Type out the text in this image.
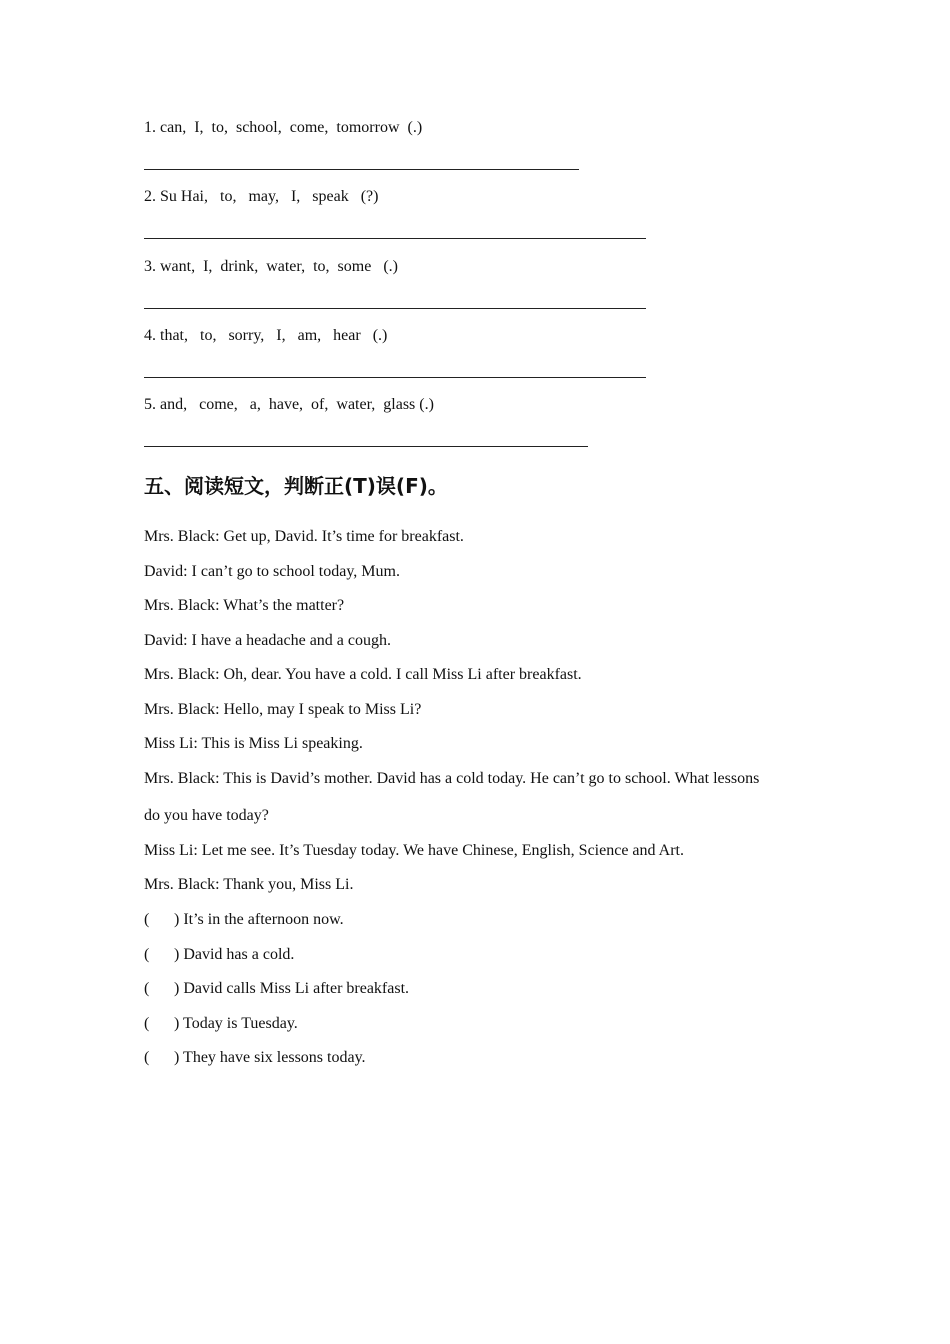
1. can,  I,  to,  school,  come,  tomorrow  (.)
2. Su Hai,   to,   may,   I,   speak   (?)
3. want,  I,  drink,  water,  to,  some   (.)
4. that,   to,   sorry,   I,   am,   hear   (.)
5. and,   come,   a,  have,  of,  water,  glass (.)
五、阅读短文，判断正(T)误(F)。
Mrs. Black: Get up, David. It’s time for breakfast.
David: I can’t go to school today, Mum.
Mrs. Black: What’s the matter?
David: I have a headache and a cough.
Mrs. Black: Oh, dear. You have a cold. I call Miss Li after breakfast.
Mrs. Black: Hello, may I speak to Miss Li?
Miss Li: This is Miss Li speaking.
Mrs. Black: This is David’s mother. David has a cold today. He can’t go to school. What lessons
do you have today?
Miss Li: Let me see. It’s Tuesday today. We have Chinese, English, Science and Art.
Mrs. Black: Thank you, Miss Li.
( ) It’s in the afternoon now.
( ) David has a cold.
( ) David calls Miss Li after breakfast.
( ) Today is Tuesday.
( ) They have six lessons today.
